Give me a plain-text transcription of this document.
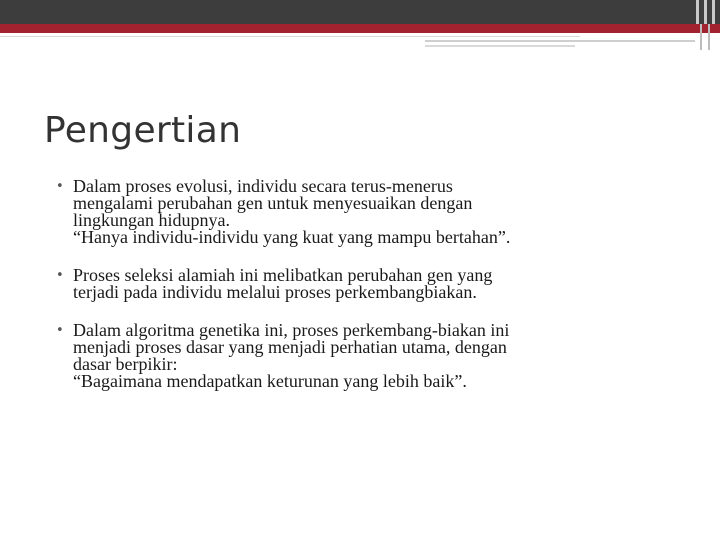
Pengertian
• Dalam proses evolusi, individu secara terus-menerus
mengalami perubahan gen untuk menyesuaikan dengan
lingkungan hidupnya.
“Hanya individu-individu yang kuat yang mampu bertahan”.
• Proses seleksi alamiah ini melibatkan perubahan gen yang
terjadi pada individu melalui proses perkembangbiakan.
• Dalam algoritma genetika ini, proses perkembang-biakan ini
menjadi proses dasar yang menjadi perhatian utama, dengan
dasar berpikir:
“Bagaimana mendapatkan keturunan yang lebih baik”.
